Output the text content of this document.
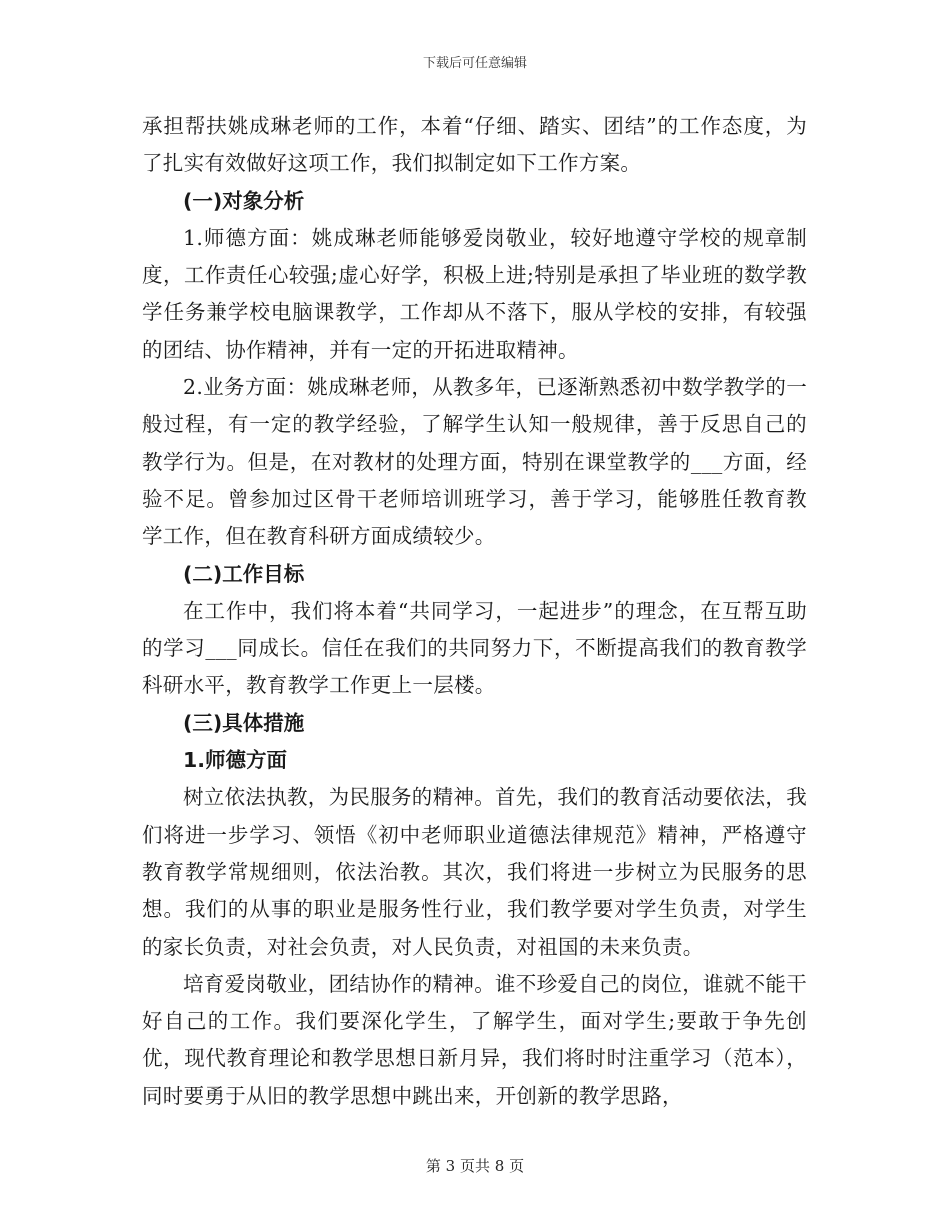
下载后可任意编辑

承担帮扶姚成琳老师的工作，本着“仔细、踏实、团结”的工作态度，为了扎实有效做好这项工作，我们拟制定如下工作方案。

(一)对象分析

1.师德方面：姚成琳老师能够爱岗敬业，较好地遵守学校的规章制度，工作责任心较强;虚心好学，积极上进;特别是承担了毕业班的数学教学任务兼学校电脑课教学，工作却从不落下，服从学校的安排，有较强的团结、协作精神，并有一定的开拓进取精神。

2.业务方面：姚成琳老师，从教多年，已逐渐熟悉初中数学教学的一般过程，有一定的教学经验，了解学生认知一般规律，善于反思自己的教学行为。但是，在对教材的处理方面，特别在课堂教学的___方面，经验不足。曾参加过区骨干老师培训班学习，善于学习，能够胜任教育教学工作，但在教育科研方面成绩较少。

(二)工作目标

在工作中，我们将本着“共同学习，一起进步”的理念，在互帮互助的学习___同成长。信任在我们的共同努力下，不断提高我们的教育教学科研水平，教育教学工作更上一层楼。

(三)具体措施

1.师德方面

树立依法执教，为民服务的精神。首先，我们的教育活动要依法，我们将进一步学习、领悟《初中老师职业道德法律规范》精神，严格遵守教育教学常规细则，依法治教。其次，我们将进一步树立为民服务的思想。我们的从事的职业是服务性行业，我们教学要对学生负责，对学生的家长负责，对社会负责，对人民负责，对祖国的未来负责。

培育爱岗敬业，团结协作的精神。谁不珍爱自己的岗位，谁就不能干好自己的工作。我们要深化学生，了解学生，面对学生;要敢于争先创优，现代教育理论和教学思想日新月异，我们将时时注重学习（范本），同时要勇于从旧的教学思想中跳出来，开创新的教学思路，

第 3 页共 8 页
